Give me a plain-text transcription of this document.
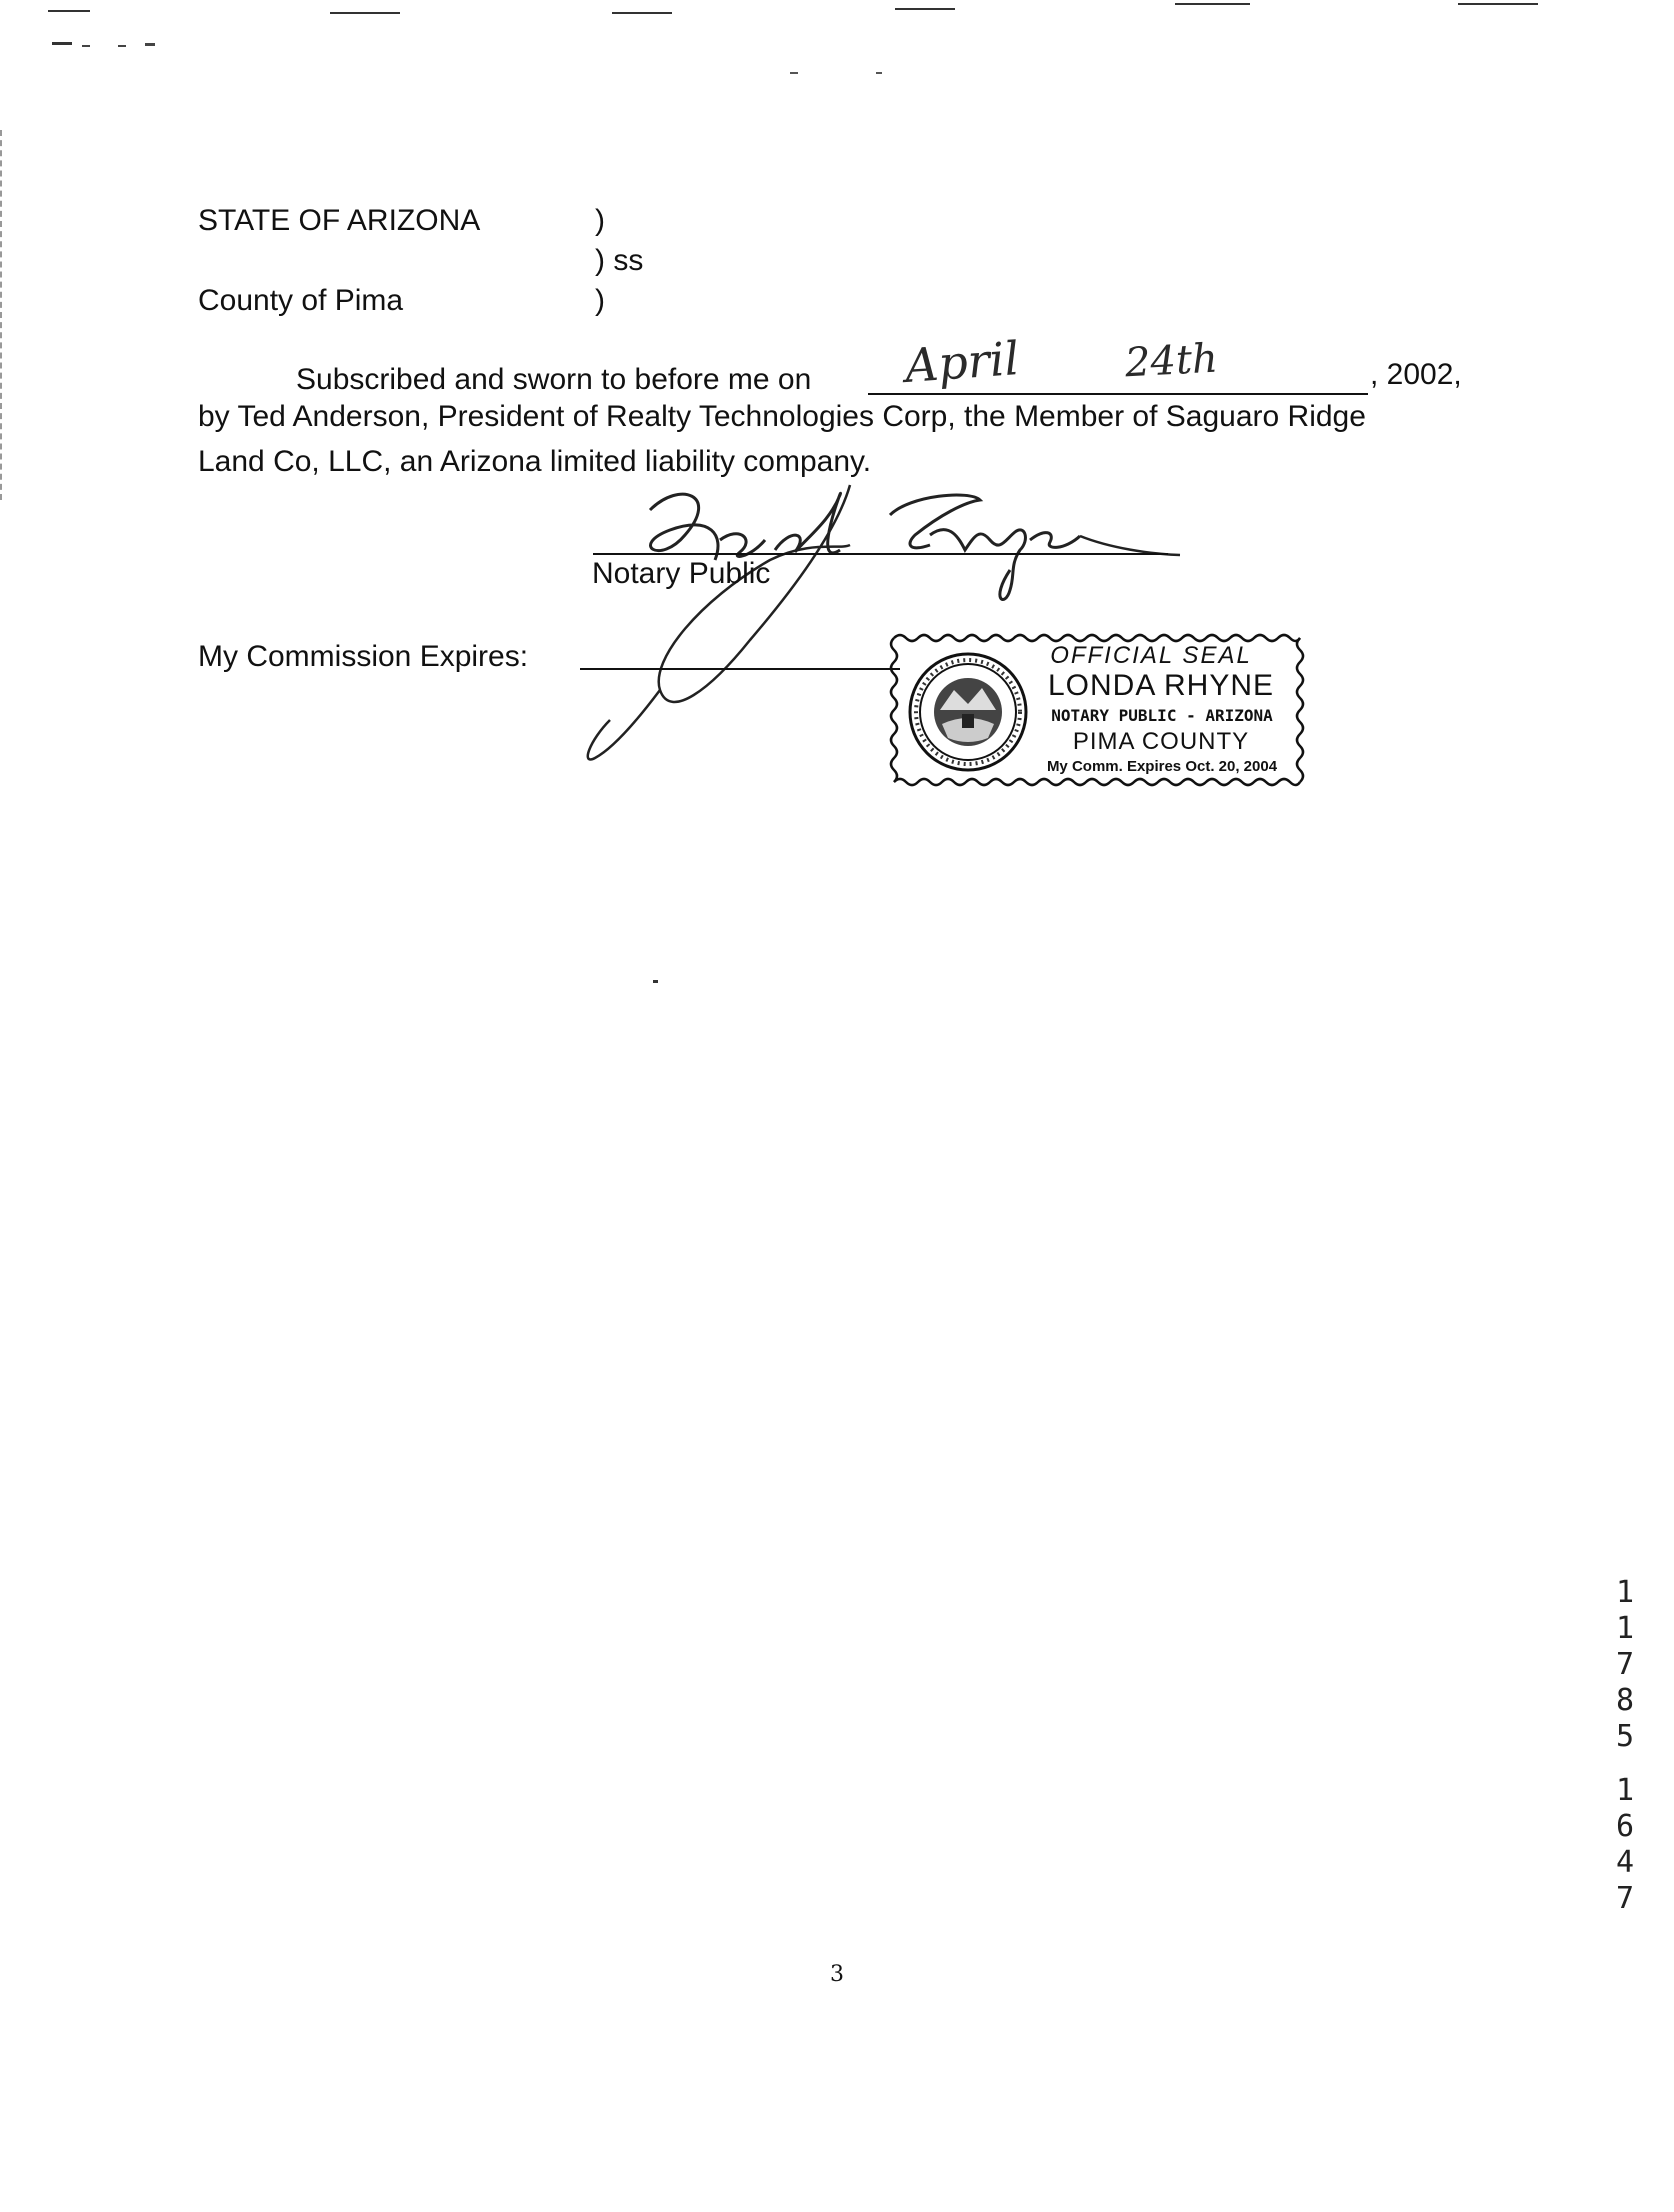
STATE OF ARIZONA	)
) ss
County of Pima	)
Subscribed and sworn to before me on April	24th	, 2002,
by Ted Anderson, President of Realty Technologies Corp, the Member of Saguaro Ridge
Land Co, LLC, an Arizona limited liability company.
Notary Public
My Commission Expires:	OFFICIAL SEAL
LONDA RHYNE
NOTARY PUBLIC - ARIZONA
PIMA COUNTY
My Comm. Expires Oct. 20, 2004
3
1
1
7
8
5
1
6
4
7
